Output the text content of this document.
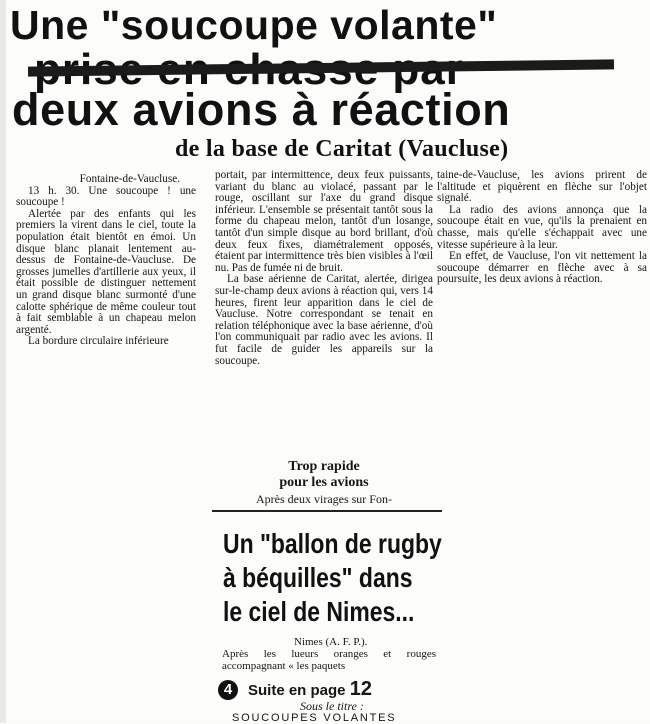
Une "soucoupe volante"
deux avions à réaction
de la base de Caritat (Vaucluse)

Fontaine-de-Vaucluse.

13 h. 30. Une soucoupe ! une soucoupe !

Alertée par des enfants qui les premiers la virent dans le ciel, toute la population était bientôt en émoi. Un disque blanc planait lentement au-dessus de Fontaine-de-Vaucluse. De grosses jumelles d'artillerie aux yeux, il était possible de distinguer nettement un grand disque blanc surmonté d'une calotte sphérique de même couleur tout à fait semblable à un chapeau melon argenté.

La bordure circulaire inférieure

portait, par intermittence, deux feux puissants, variant du blanc au violacé, passant par le rouge, oscillant sur l'axe du grand disque inférieur. L'ensemble se présentait tantôt sous la forme du chapeau melon, tantôt d'un losange, tantôt d'un simple disque au bord brillant, d'où deux feux fixes, diamétralement opposés, étaient par intermittence très bien visibles à l'œil nu. Pas de fumée ni de bruit.

La base aérienne de Caritat, alertée, dirigea sur-le-champ deux avions à réaction qui, vers 14 heures, firent leur apparition dans le ciel de Vaucluse. Notre correspondant se tenait en relation téléphonique avec la base aérienne, d'où l'on communiquait par radio avec les avions. Il fut facile de guider les appareils sur la soucoupe.

Trop rapide
pour les avions
Après deux virages sur Fon-

taine-de-Vaucluse, les avions prirent de l'altitude et piquèrent en flèche sur l'objet signalé.

La radio des avions annonça que la soucoupe était en vue, qu'ils la prenaient en chasse, mais qu'elle s'échappait avec une vitesse supérieure à la leur.

En effet, de Vaucluse, l'on vit nettement la soucoupe démarrer en flèche avec à sa poursuite, les deux avions à réaction.

Un "ballon de rugby
à béquilles" dans
le ciel de Nimes...

Nimes (A. F. P.).

Après les lueurs oranges et rouges accompagnant « les paquets

4	Suite en page 12
Sous le titre :
SOUCOUPES VOLANTES
